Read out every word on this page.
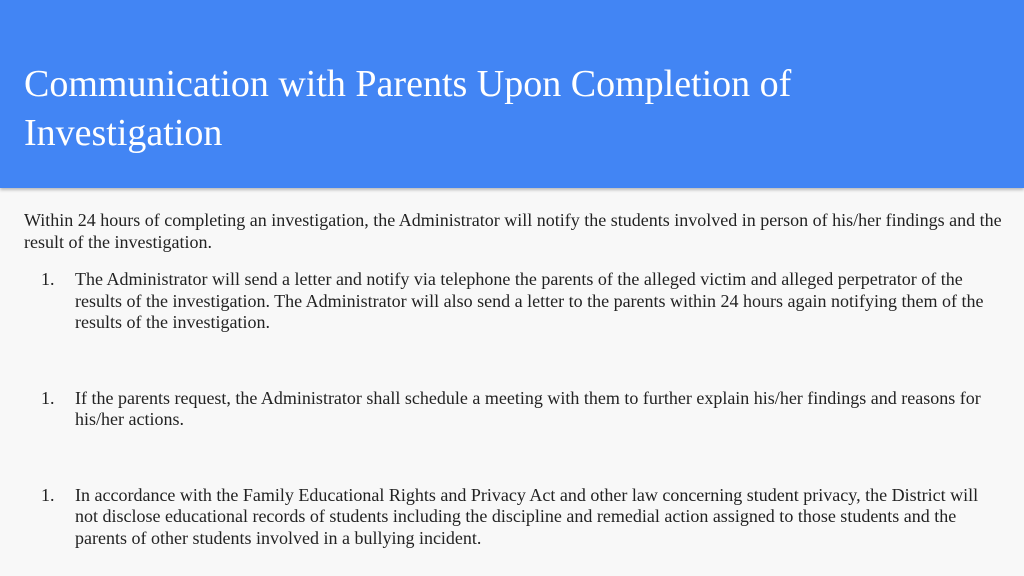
Communication with Parents Upon Completion of Investigation

Within 24 hours of completing an investigation, the Administrator will notify the students involved in person of his/her findings and the result of the investigation.

1. The Administrator will send a letter and notify via telephone the parents of the alleged victim and alleged perpetrator of the results of the investigation. The Administrator will also send a letter to the parents within 24 hours again notifying them of the results of the investigation.
1. If the parents request, the Administrator shall schedule a meeting with them to further explain his/her findings and reasons for his/her actions.
1. In accordance with the Family Educational Rights and Privacy Act and other law concerning student privacy, the District will not disclose educational records of students including the discipline and remedial action assigned to those students and the parents of other students involved in a bullying incident.
